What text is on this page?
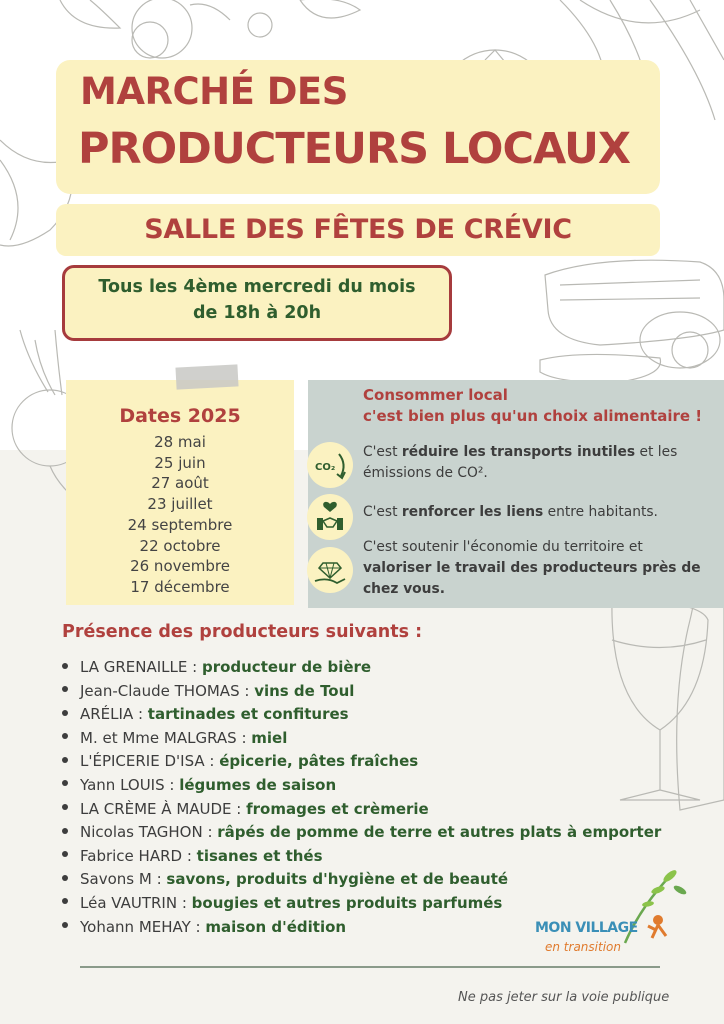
MARCHÉ DES
PRODUCTEURS LOCAUX
SALLE DES FÊTES DE CRÉVIC
Tous les 4ème mercredi du mois
de 18h à 20h
Dates 2025
28 mai
25 juin
27 août
23 juillet
24 septembre
22 octobre
26 novembre
17 décembre
Consommer local
c'est bien plus qu'un choix alimentaire !
CO₂
C'est réduire les transports inutiles et les émissions de CO².
C'est renforcer les liens entre habitants.
C'est soutenir l'économie du territoire et valoriser le travail des producteurs près de chez vous.
Présence des producteurs suivants :
LA GRENAILLE : producteur de bière
Jean-Claude THOMAS : vins de Toul
ARÉLIA : tartinades et confitures
M. et Mme MALGRAS : miel
L'ÉPICERIE D'ISA : épicerie, pâtes fraîches
Yann LOUIS : légumes de saison
LA CRÈME À MAUDE : fromages et crèmerie
Nicolas TAGHON : râpés de pomme de terre et autres plats à emporter
Fabrice HARD : tisanes et thés
Savons M : savons, produits d'hygiène et de beauté
Léa VAUTRIN : bougies et autres produits parfumés
Yohann MEHAY : maison d'édition	MON VILLAGE
en transition
Ne pas jeter sur la voie publique
